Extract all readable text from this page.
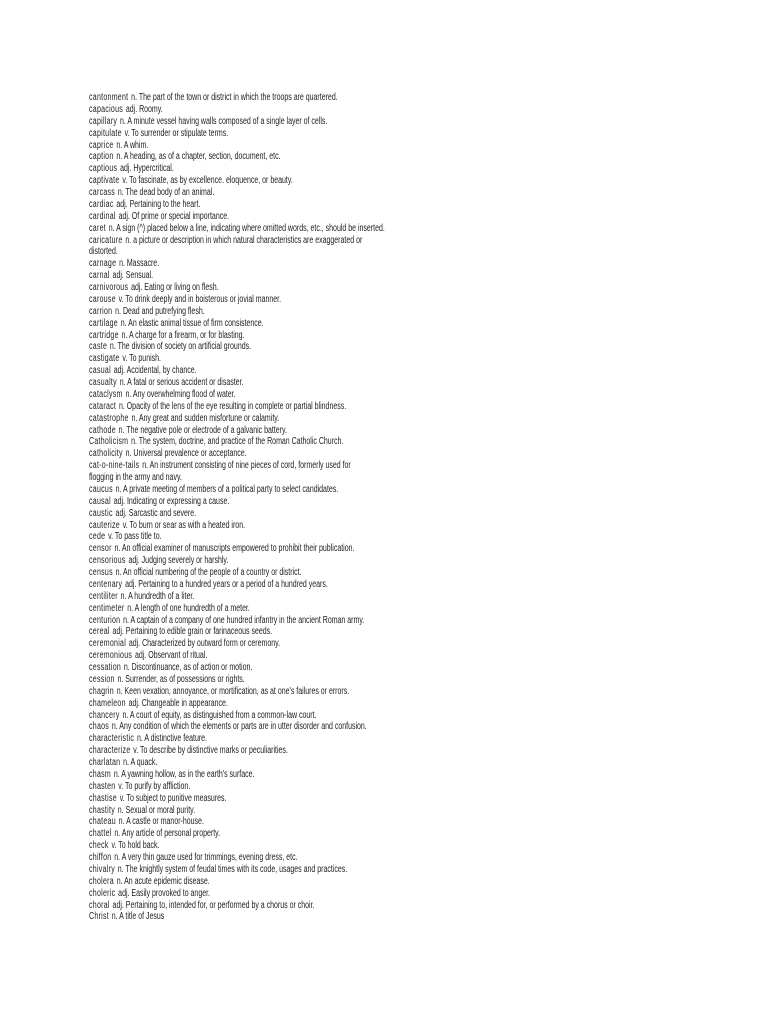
cantonment n. The part of the town or district in which the troops are quartered.
capacious adj. Roomy.
capillary n. A minute vessel having walls composed of a single layer of cells.
capitulate v. To surrender or stipulate terms.
caprice n. A whim.
caption n. A heading, as of a chapter, section, document, etc.
captious adj. Hypercritical.
captivate v. To fascinate, as by excellence. eloquence, or beauty.
carcass n. The dead body of an animal.
cardiac adj. Pertaining to the heart.
cardinal adj. Of prime or special importance.
caret n. A sign (^) placed below a line, indicating where omitted words, etc., should be inserted.
caricature n. a picture or description in which natural characteristics are exaggerated or
distorted.
carnage n. Massacre.
carnal adj. Sensual.
carnivorous adj. Eating or living on flesh.
carouse v. To drink deeply and in boisterous or jovial manner.
carrion n. Dead and putrefying flesh.
cartilage n. An elastic animal tissue of firm consistence.
cartridge n. A charge for a firearm, or for blasting.
caste n. The division of society on artificial grounds.
castigate v. To punish.
casual adj. Accidental, by chance.
casualty n. A fatal or serious accident or disaster.
cataclysm n. Any overwhelming flood of water.
cataract n. Opacity of the lens of the eye resulting in complete or partial blindness.
catastrophe n. Any great and sudden misfortune or calamity.
cathode n. The negative pole or electrode of a galvanic battery.
Catholicism n. The system, doctrine, and practice of the Roman Catholic Church.
catholicity n. Universal prevalence or acceptance.
cat-o-nine-tails n. An instrument consisting of nine pieces of cord, formerly used for
flogging in the army and navy.
caucus n. A private meeting of members of a political party to select candidates.
causal adj. Indicating or expressing a cause.
caustic adj. Sarcastic and severe.
cauterize v. To burn or sear as with a heated iron.
cede v. To pass title to.
censor n. An official examiner of manuscripts empowered to prohibit their publication.
censorious adj. Judging severely or harshly.
census n. An official numbering of the people of a country or district.
centenary adj. Pertaining to a hundred years or a period of a hundred years.
centiliter n. A hundredth of a liter.
centimeter n. A length of one hundredth of a meter.
centurion n. A captain of a company of one hundred infantry in the ancient Roman army.
cereal adj. Pertaining to edible grain or farinaceous seeds.
ceremonial adj. Characterized by outward form or ceremony.
ceremonious adj. Observant of ritual.
cessation n. Discontinuance, as of action or motion.
cession n. Surrender, as of possessions or rights.
chagrin n. Keen vexation, annoyance, or mortification, as at one's failures or errors.
chameleon adj. Changeable in appearance.
chancery n. A court of equity, as distinguished from a common-law court.
chaos n. Any condition of which the elements or parts are in utter disorder and confusion.
characteristic n. A distinctive feature.
characterize v. To describe by distinctive marks or peculiarities.
charlatan n. A quack.
chasm n. A yawning hollow, as in the earth's surface.
chasten v. To purify by affliction.
chastise v. To subject to punitive measures.
chastity n. Sexual or moral purity.
chateau n. A castle or manor-house.
chattel n. Any article of personal property.
check v. To hold back.
chiffon n. A very thin gauze used for trimmings, evening dress, etc.
chivalry n. The knightly system of feudal times with its code, usages and practices.
cholera n. An acute epidemic disease.
choleric adj. Easily provoked to anger.
choral adj. Pertaining to, intended for, or performed by a chorus or choir.
Christ n. A title of Jesus
